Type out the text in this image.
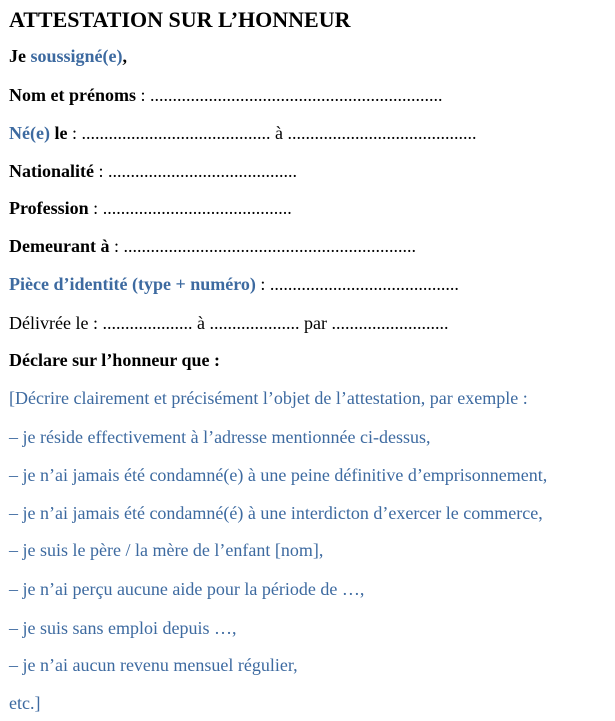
ATTESTATION SUR L’HONNEUR
Je soussigné(e),
Nom et prénoms : .................................................................
Né(e) le : .......................................... à ..........................................
Nationalité : ..........................................
Profession : ..........................................
Demeurant à : .................................................................
Pièce d’identité (type + numéro) : ..........................................
Délivrée le : .................... à .................... par ..........................
Déclare sur l’honneur que :
[Décrire clairement et précisément l’objet de l’attestation, par exemple :
– je réside effectivement à l’adresse mentionnée ci-dessus,
– je n’ai jamais été condamné(e) à une peine définitive d’emprisonnement,
– je n’ai jamais été condamné(é) à une interdicton d’exercer le commerce,
– je suis le père / la mère de l’enfant [nom],
– je n’ai perçu aucune aide pour la période de …,
– je suis sans emploi depuis …,
– je n’ai aucun revenu mensuel régulier,
etc.]
